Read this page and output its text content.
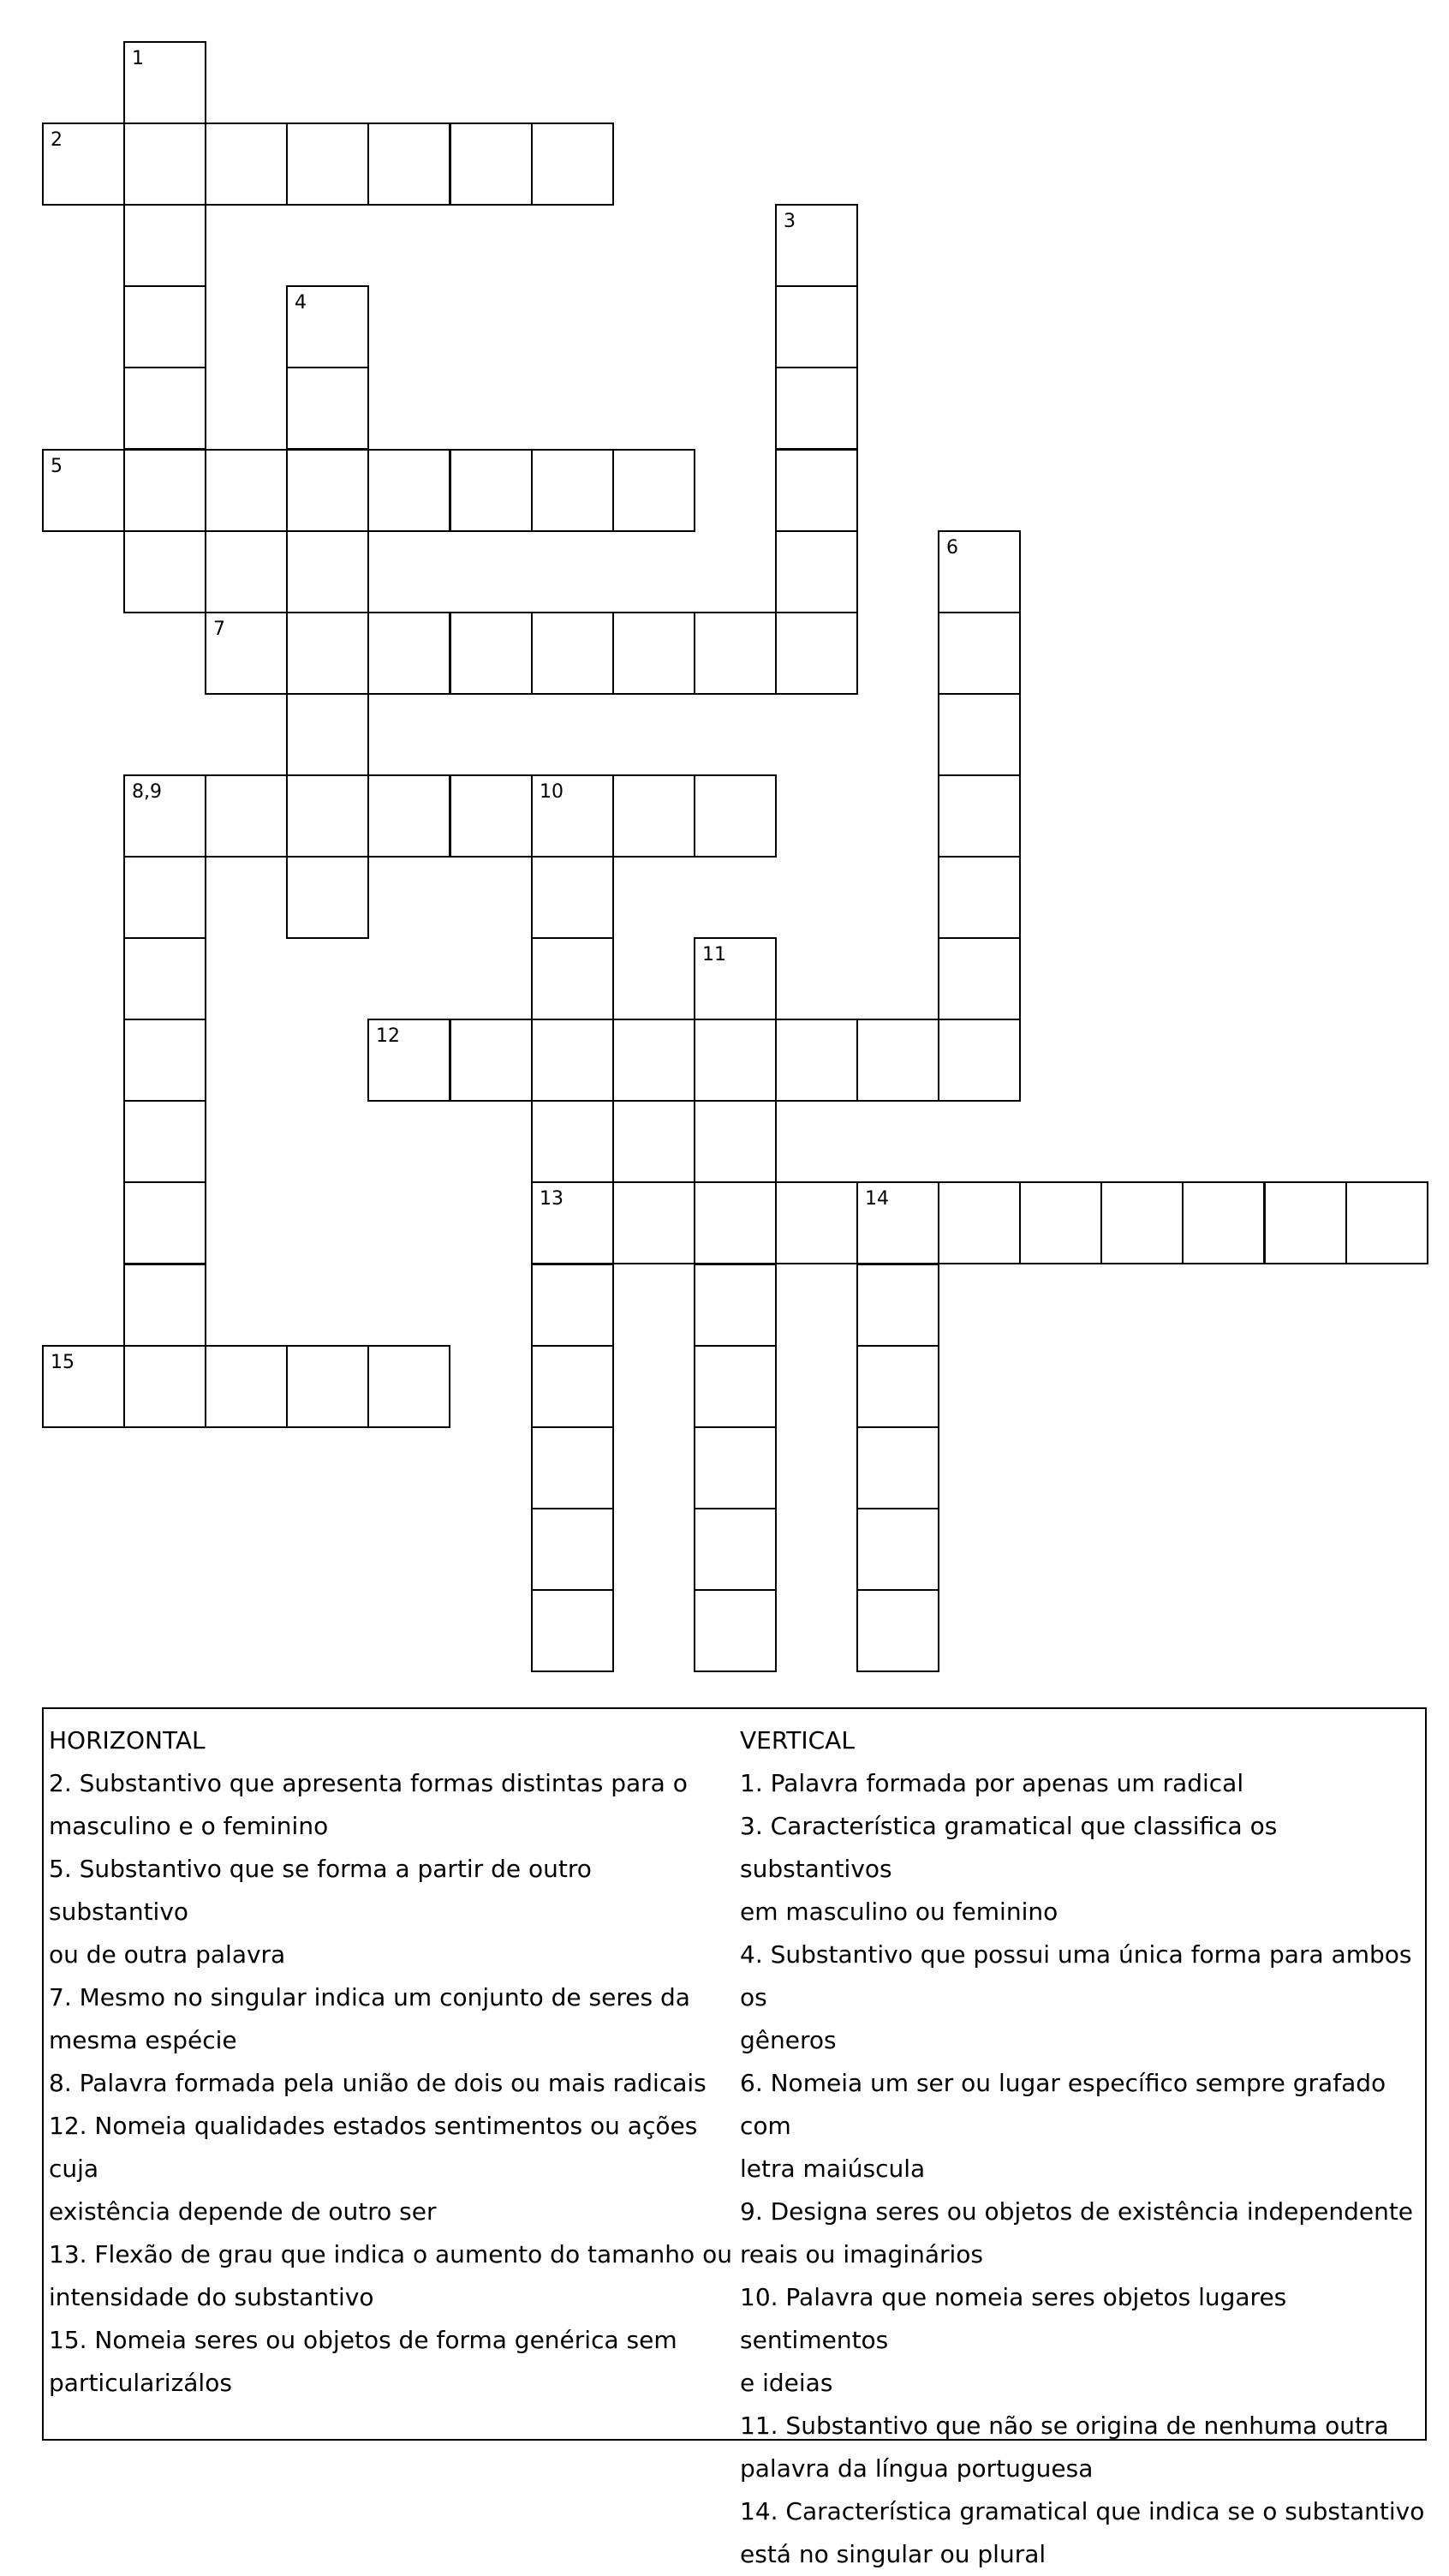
2
5
7
8,9	10
12
13	14
15
1
3
4
6
11
HORIZONTAL
2. Substantivo que apresenta formas distintas para o
masculino e o feminino
5. Substantivo que se forma a partir de outro substantivo
ou de outra palavra
7. Mesmo no singular indica um conjunto de seres da
mesma espécie
8. Palavra formada pela união de dois ou mais radicais
12. Nomeia qualidades estados sentimentos ou ações cuja
existência depende de outro ser
13. Flexão de grau que indica o aumento do tamanho ou
intensidade do substantivo
15. Nomeia seres ou objetos de forma genérica sem
particularizálos
VERTICAL
1. Palavra formada por apenas um radical
3. Característica gramatical que classifica os substantivos
em masculino ou feminino
4. Substantivo que possui uma única forma para ambos os
gêneros
6. Nomeia um ser ou lugar específico sempre grafado com
letra maiúscula
9. Designa seres ou objetos de existência independente
reais ou imaginários
10. Palavra que nomeia seres objetos lugares sentimentos
e ideias
11. Substantivo que não se origina de nenhuma outra
palavra da língua portuguesa
14. Característica gramatical que indica se o substantivo
está no singular ou plural
